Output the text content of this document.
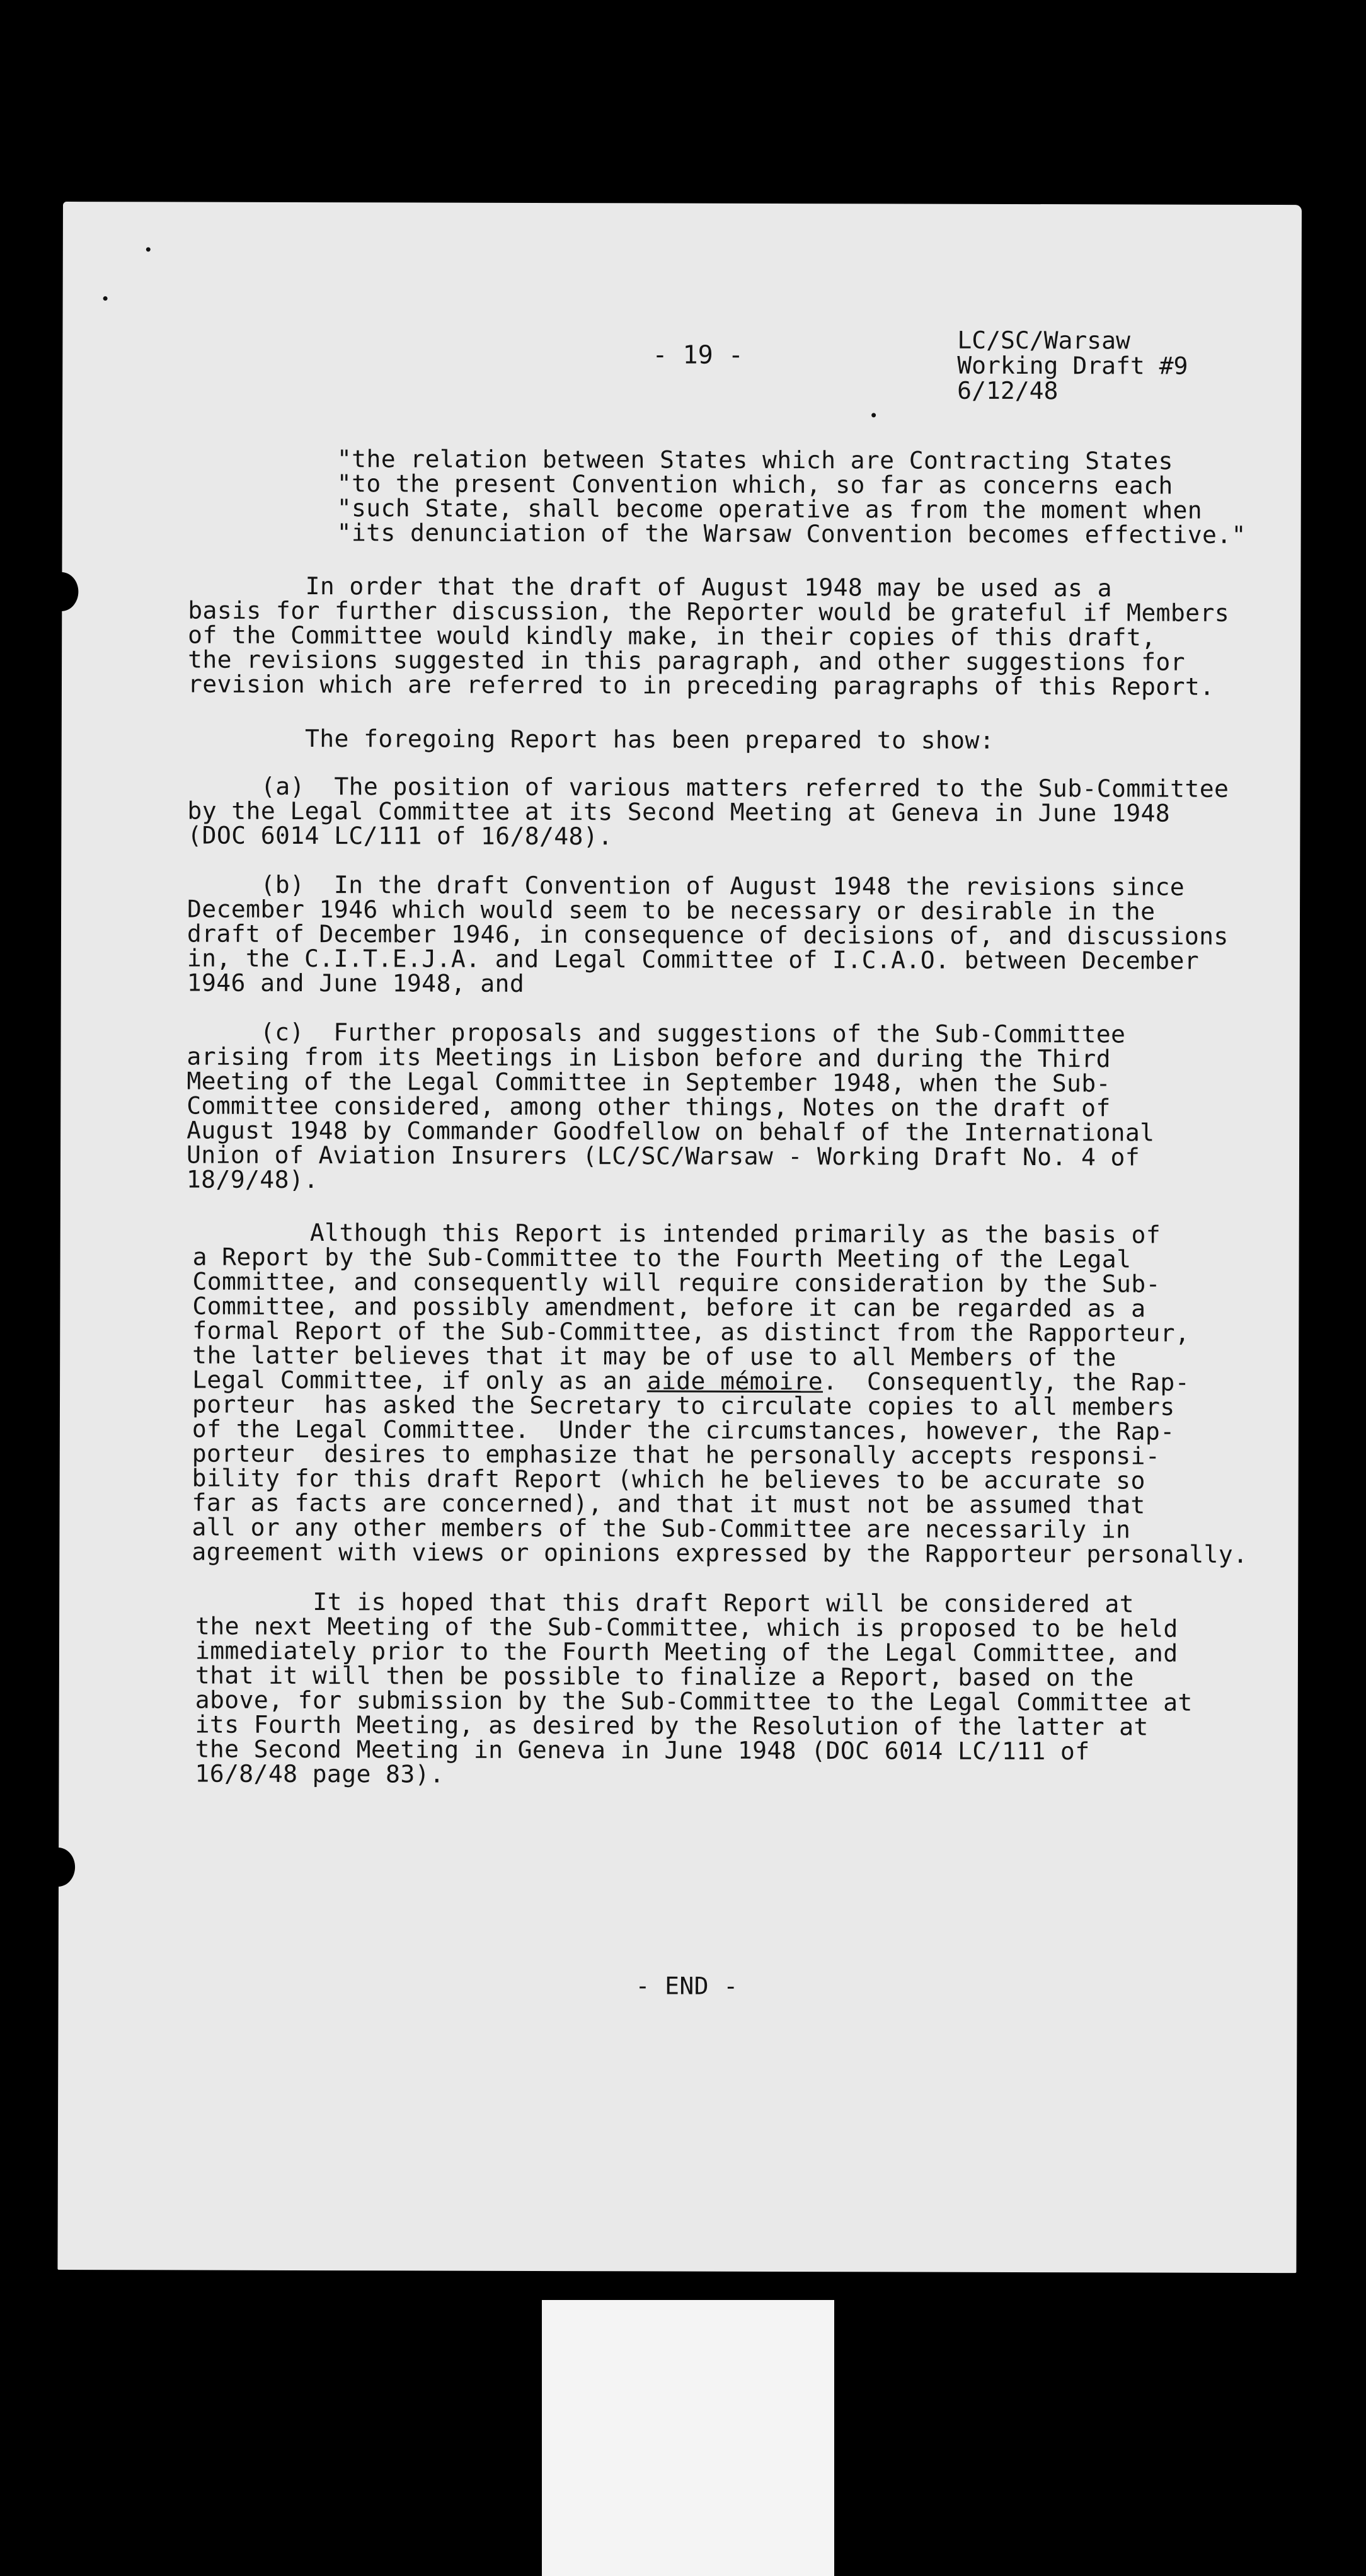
- 19 -
LC/SC/Warsaw
Working Draft #9
6/12/48
"the relation between States which are Contracting States
"to the present Convention which, so far as concerns each
"such State, shall become operative as from the moment when
"its denunciation of the Warsaw Convention becomes effective."
In order that the draft of August 1948 may be used as a
basis for further discussion, the Reporter would be grateful if Members
of the Committee would kindly make, in their copies of this draft,
the revisions suggested in this paragraph, and other suggestions for
revision which are referred to in preceding paragraphs of this Report.
The foregoing Report has been prepared to show:
(a)  The position of various matters referred to the Sub-Committee
by the Legal Committee at its Second Meeting at Geneva in June 1948
(DOC 6014 LC/111 of 16/8/48).
(b)  In the draft Convention of August 1948 the revisions since
December 1946 which would seem to be necessary or desirable in the
draft of December 1946, in consequence of decisions of, and discussions
in, the C.I.T.E.J.A. and Legal Committee of I.C.A.O. between December
1946 and June 1948, and
(c)  Further proposals and suggestions of the Sub-Committee
arising from its Meetings in Lisbon before and during the Third
Meeting of the Legal Committee in September 1948, when the Sub-
Committee considered, among other things, Notes on the draft of
August 1948 by Commander Goodfellow on behalf of the International
Union of Aviation Insurers (LC/SC/Warsaw - Working Draft No. 4 of
18/9/48).
Although this Report is intended primarily as the basis of
a Report by the Sub-Committee to the Fourth Meeting of the Legal
Committee, and consequently will require consideration by the Sub-
Committee, and possibly amendment, before it can be regarded as a
formal Report of the Sub-Committee, as distinct from the Rapporteur,
the latter believes that it may be of use to all Members of the
Legal Committee, if only as an aide mémoire.  Consequently, the Rap-
porteur  has asked the Secretary to circulate copies to all members
of the Legal Committee.  Under the circumstances, however, the Rap-
porteur  desires to emphasize that he personally accepts responsi-
bility for this draft Report (which he believes to be accurate so
far as facts are concerned), and that it must not be assumed that
all or any other members of the Sub-Committee are necessarily in
agreement with views or opinions expressed by the Rapporteur personally.
It is hoped that this draft Report will be considered at
the next Meeting of the Sub-Committee, which is proposed to be held
immediately prior to the Fourth Meeting of the Legal Committee, and
that it will then be possible to finalize a Report, based on the
above, for submission by the Sub-Committee to the Legal Committee at
its Fourth Meeting, as desired by the Resolution of the latter at
the Second Meeting in Geneva in June 1948 (DOC 6014 LC/111 of
16/8/48 page 83).
- END -
